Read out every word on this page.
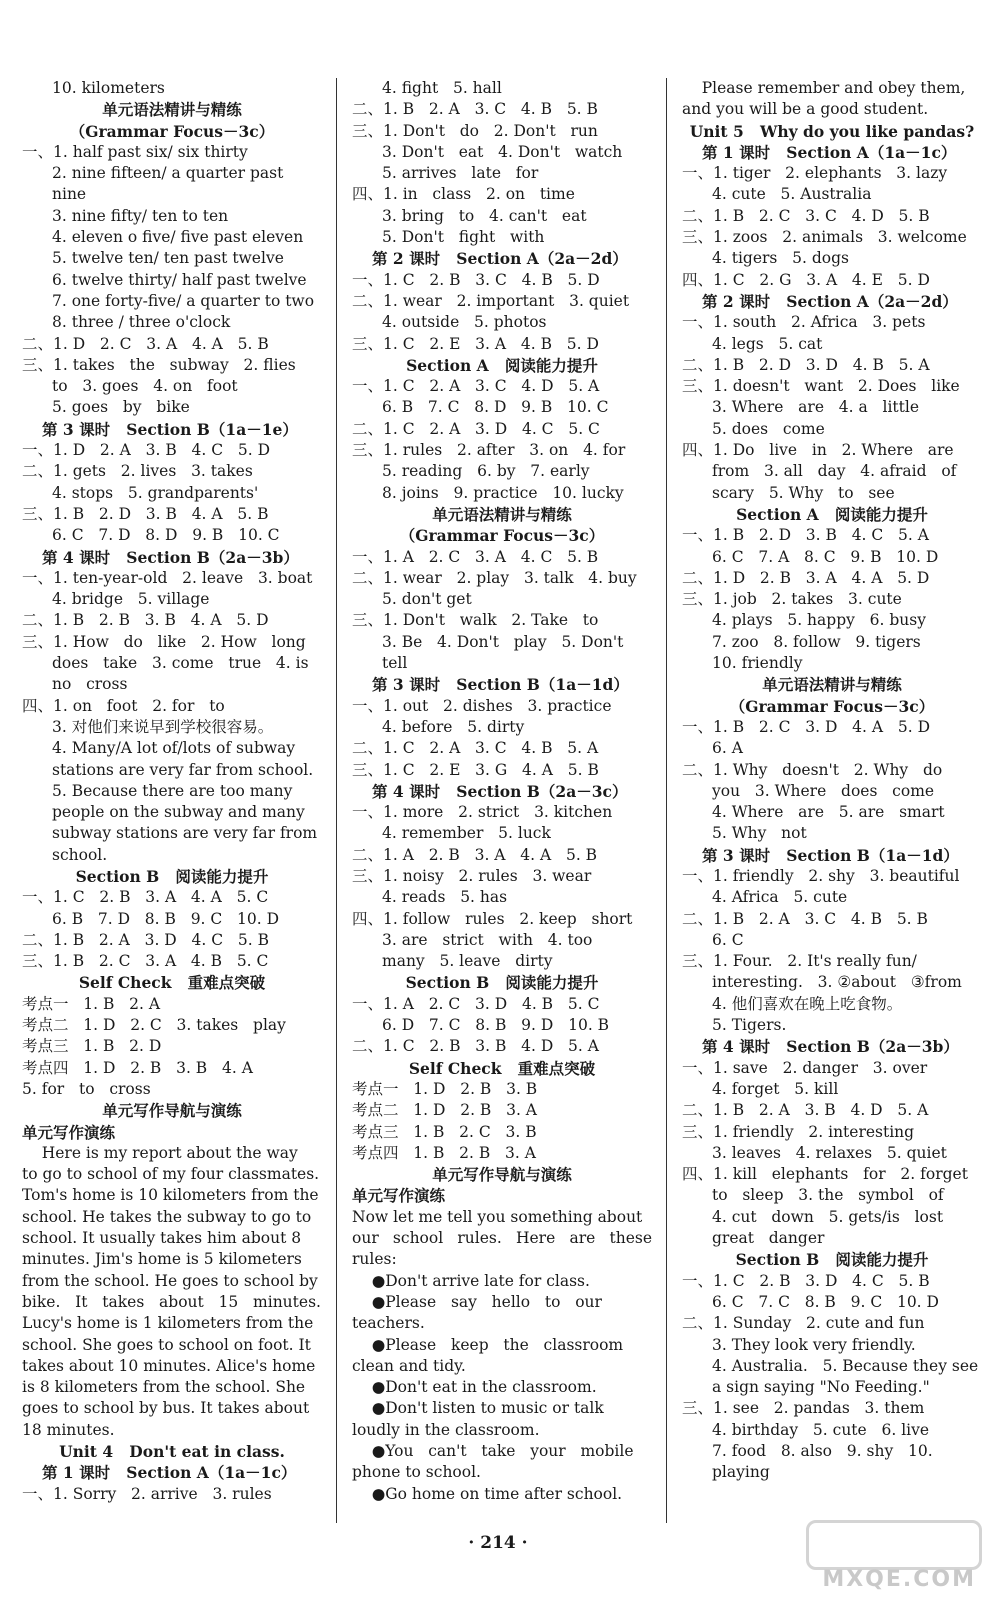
10. kilometers

单元语法精讲与精练

（Grammar Focus－3c）

一、1. half past six/ six thirty

2. nine fifteen/ a quarter past nine

3. nine fifty/ ten to ten

4. eleven o five/ five past eleven

5. twelve ten/ ten past twelve

6. twelve thirty/ half past twelve

7. one forty-five/ a quarter to two

8. three / three o'clock

二、1. D   2. C   3. A   4. A   5. B

三、1. takes   the   subway   2. flies

to   3. goes   4. on   foot

5. goes   by   bike

第 3 课时   Section B（1a－1e）

一、1. D   2. A   3. B   4. C   5. D

二、1. gets   2. lives   3. takes

4. stops   5. grandparents'

三、1. B   2. D   3. B   4. A   5. B

6. C   7. D   8. D   9. B   10. C

第 4 课时   Section B（2a－3b）

一、1. ten-year-old   2. leave   3. boat

4. bridge   5. village

二、1. B   2. B   3. B   4. A   5. D

三、1. How   do   like   2. How   long

does   take   3. come   true   4. is

no   cross

四、1. on   foot   2. for   to

3. 对他们来说早到学校很容易。

4. Many/A lot of/lots of subway

stations are very far from school.

5. Because there are too many

people on the subway and many

subway stations are very far from

school.

Section B   阅读能力提升

一、1. C   2. B   3. A   4. A   5. C

6. B   7. D   8. B   9. C   10. D

二、1. B   2. A   3. D   4. C   5. B

三、1. B   2. C   3. A   4. B   5. C

Self Check   重难点突破

考点一   1. B   2. A

考点二   1. D   2. C   3. takes   play

考点三   1. B   2. D

考点四   1. D   2. B   3. B   4. A

5. for   to   cross

单元写作导航与演练

单元写作演练

Here is my report about the way

to go to school of my four classmates.

Tom's home is 10 kilometers from the

school. He takes the subway to go to

school. It usually takes him about 8

minutes. Jim's home is 5 kilometers

from the school. He goes to school by

bike.   It   takes   about   15   minutes.

Lucy's home is 1 kilometers from the

school. She goes to school on foot. It

takes about 10 minutes. Alice's home

is 8 kilometers from the school. She

goes to school by bus. It takes about

18 minutes.

Unit 4   Don't eat in class.

第 1 课时   Section A（1a－1c）

一、1. Sorry   2. arrive   3. rules

4. fight   5. hall

二、1. B   2. A   3. C   4. B   5. B

三、1. Don't   do   2. Don't   run

3. Don't   eat   4. Don't   watch

5. arrives   late   for

四、1. in   class   2. on   time

3. bring   to   4. can't   eat

5. Don't   fight   with

第 2 课时   Section A（2a－2d）

一、1. C   2. B   3. C   4. B   5. D

二、1. wear   2. important   3. quiet

4. outside   5. photos

三、1. C   2. E   3. A   4. B   5. D

Section A   阅读能力提升

一、1. C   2. A   3. C   4. D   5. A

6. B   7. C   8. D   9. B   10. C

二、1. C   2. A   3. D   4. C   5. C

三、1. rules   2. after   3. on   4. for

5. reading   6. by   7. early

8. joins   9. practice   10. lucky

单元语法精讲与精练

（Grammar Focus－3c）

一、1. A   2. C   3. A   4. C   5. B

二、1. wear   2. play   3. talk   4. buy

5. don't get

三、1. Don't   walk   2. Take   to

3. Be   4. Don't   play   5. Don't

tell

第 3 课时   Section B（1a－1d）

一、1. out   2. dishes   3. practice

4. before   5. dirty

二、1. C   2. A   3. C   4. B   5. A

三、1. C   2. E   3. G   4. A   5. B

第 4 课时   Section B（2a－3c）

一、1. more   2. strict   3. kitchen

4. remember   5. luck

二、1. A   2. B   3. A   4. A   5. B

三、1. noisy   2. rules   3. wear

4. reads   5. has

四、1. follow   rules   2. keep   short

3. are   strict   with   4. too

many   5. leave   dirty

Section B   阅读能力提升

一、1. A   2. C   3. D   4. B   5. C

6. D   7. C   8. B   9. D   10. B

二、1. C   2. B   3. B   4. D   5. A

Self Check   重难点突破

考点一   1. D   2. B   3. B

考点二   1. D   2. B   3. A

考点三   1. B   2. C   3. B

考点四   1. B   2. B   3. A

单元写作导航与演练

单元写作演练

Now let me tell you something about

our school rules. Here are these rules:

●Don't arrive late for class.

●Please   say   hello   to   our

teachers.

●Please   keep   the   classroom

clean and tidy.

●Don't eat in the classroom.

●Don't listen to music or talk

loudly in the classroom.

●You   can't   take   your   mobile

phone to school.

●Go home on time after school.

Please remember and obey them,

and you will be a good student.

Unit 5   Why do you like pandas?

第 1 课时   Section A（1a－1c）

一、1. tiger   2. elephants   3. lazy

4. cute   5. Australia

二、1. B   2. C   3. C   4. D   5. B

三、1. zoos   2. animals   3. welcome

4. tigers   5. dogs

四、1. C   2. G   3. A   4. E   5. D

第 2 课时   Section A（2a－2d）

一、1. south   2. Africa   3. pets

4. legs   5. cat

二、1. B   2. D   3. D   4. B   5. A

三、1. doesn't   want   2. Does   like

3. Where   are   4. a   little

5. does   come

四、1. Do   live   in   2. Where   are

from   3. all   day   4. afraid   of

scary   5. Why   to   see

Section A   阅读能力提升

一、1. B   2. D   3. B   4. C   5. A

6. C   7. A   8. C   9. B   10. D

二、1. D   2. B   3. A   4. A   5. D

三、1. job   2. takes   3. cute

4. plays   5. happy   6. busy

7. zoo   8. follow   9. tigers

10. friendly

单元语法精讲与精练

（Grammar Focus－3c）

一、1. B   2. C   3. D   4. A   5. D

6. A

二、1. Why   doesn't   2. Why   do

you   3. Where   does   come

4. Where   are   5. are   smart

5. Why   not

第 3 课时   Section B（1a－1d）

一、1. friendly   2. shy   3. beautiful

4. Africa   5. cute

二、1. B   2. A   3. C   4. B   5. B

6. C

三、1. Four.   2. It's really fun/

interesting.   3. ②about   ③from

4. 他们喜欢在晚上吃食物。

5. Tigers.

第 4 课时   Section B（2a－3b）

一、1. save   2. danger   3. over

4. forget   5. kill

二、1. B   2. A   3. B   4. D   5. A

三、1. friendly   2. interesting

3. leaves   4. relaxes   5. quiet

四、1. kill   elephants   for   2. forget

to   sleep   3. the   symbol   of

4. cut   down   5. gets/is   lost

great   danger

Section B   阅读能力提升

一、1. C   2. B   3. D   4. C   5. B

6. C   7. C   8. B   9. C   10. D

二、1. Sunday   2. cute and fun

3. They look very friendly.

4. Australia.   5. Because they see

a sign saying "No Feeding."

三、1. see   2. pandas   3. them

4. birthday   5. cute   6. live

7. food   8. also   9. shy   10. playing

· 214 ·
MXQE.COM
